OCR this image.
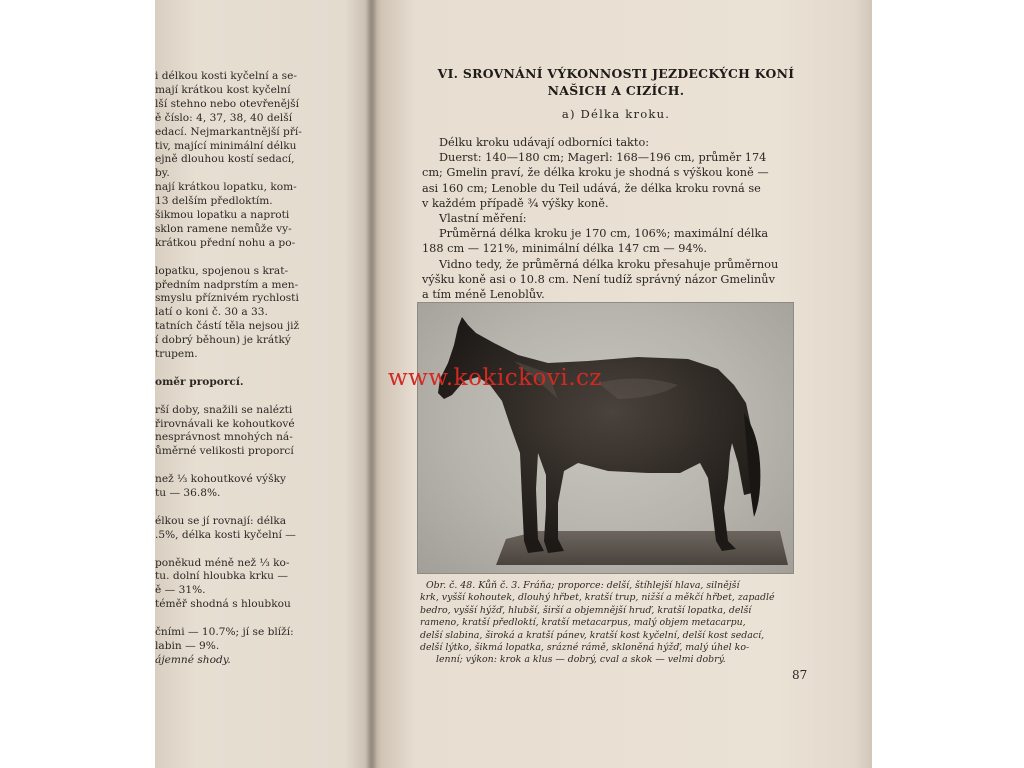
i délkou kosti kyčelní a se-
mají krátkou kost kyčelní
lší stehno nebo otevřenější
ě číslo: 4, 37, 38, 40 delší
edací. Nejmarkantnější pří-
tiv, mající minimální délku
ejně dlouhou kostí sedací,
by.
nají krátkou lopatku, kom-
13 delším předloktím.
šikmou lopatku a naproti
sklon ramene nemůže vy-
krátkou přední nohu a po-
lopatku, spojenou s krat-
předním nadprstím a men-
smyslu příznivém rychlosti
latí o koni č. 30 a 33.
tatních částí těla nejsou již
í dobrý běhoun) je krátký
trupem.
oměr proporcí.
rší doby, snažili se nalézti
řirovnávali ke kohoutkové
nesprávnost mnohých ná-
ůměrné velikosti proporcí
než ⅓ kohoutkové výšky
tu — 36.8%.
élkou se jí rovnají: délka
.5%, délka kosti kyčelní —
poněkud méně než ⅓ ko-
tu. dolní hloubka krku —
ě — 31%.
téměř shodná s hloubkou
čními — 10.7%; jí se blíží:
labin — 9%.
ájemné shody.
VI. SROVNÁNÍ VÝKONNOSTI JEZDECKÝCH KONÍ
NAŠICH A CIZÍCH.
a) Délka kroku.
Délku kroku udávají odborníci takto:
Duerst: 140—180 cm; Magerl: 168—196 cm, průměr 174
cm; Gmelin praví, že délka kroku je shodná s výškou koně —
asi 160 cm; Lenoble du Teil udává, že délka kroku rovná se
v každém případě ¾ výšky koně.
Vlastní měření:
Průměrná délka kroku je 170 cm, 106%; maximální délka
188 cm — 121%, minimální délka 147 cm — 94%.
Vidno tedy, že průměrná délka kroku přesahuje průměrnou
výšku koně asi o 10.8 cm. Není tudíž správný názor Gmelinův
a tím méně Lenoblův.
Obr. č. 48. Kůň č. 3. Fráňa; proporce: delší, štíhlejší hlava, silnější
krk, vyšší kohoutek, dlouhý hřbet, kratší trup, nižší a měkčí hřbet, zapadlé
bedro, vyšší hýžď, hlubší, širší a objemnější hruď, kratší lopatka, delší
rameno, kratší předloktí, kratší metacarpus, malý objem metacarpu,
delší slabina, široká a kratší pánev, kratší kost kyčelní, delší kost sedací,
delší lýtko, šikmá lopatka, srázné rámě, skloněná hýžď, malý úhel ko-
lenní; výkon: krok a klus — dobrý, cval a skok — velmi dobrý.
87
www.kokickovi.cz
